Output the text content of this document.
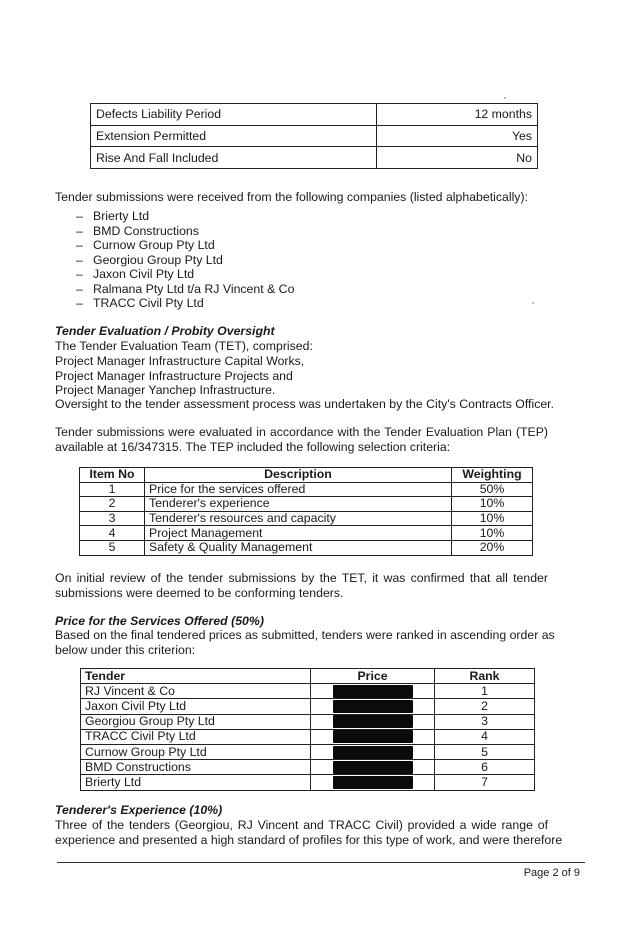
Defects Liability Period	12 months
Extension Permitted	Yes
Rise And Fall Included	No
Tender submissions were received from the following companies (listed alphabetically):
– Brierty Ltd
– BMD Constructions
– Curnow Group Pty Ltd
– Georgiou Group Pty Ltd
– Jaxon Civil Pty Ltd
– Ralmana Pty Ltd t/a RJ Vincent & Co
– TRACC Civil Pty Ltd
Tender Evaluation / Probity Oversight
The Tender Evaluation Team (TET), comprised:
Project Manager Infrastructure Capital Works,
Project Manager Infrastructure Projects and
Project Manager Yanchep Infrastructure.
Oversight to the tender assessment process was undertaken by the City's Contracts Officer.
Tender submissions were evaluated in accordance with the Tender Evaluation Plan (TEP)
available at 16/347315. The TEP included the following selection criteria:
Item No	Description	Weighting
1	Price for the services offered	50%
2	Tenderer's experience	10%
3	Tenderer's resources and capacity	10%
4	Project Management	10%
5	Safety & Quality Management	20%
On initial review of the tender submissions by the TET, it was confirmed that all tender
submissions were deemed to be conforming tenders.
Price for the Services Offered (50%)
Based on the final tendered prices as submitted, tenders were ranked in ascending order as
below under this criterion:
Tender	Price	Rank
RJ Vincent & Co		1
Jaxon Civil Pty Ltd		2
Georgiou Group Pty Ltd		3
TRACC Civil Pty Ltd		4
Curnow Group Pty Ltd		5
BMD Constructions		6
Brierty Ltd		7
Tenderer's Experience (10%)
Three of the tenders (Georgiou, RJ Vincent and TRACC Civil) provided a wide range of
experience and presented a high standard of profiles for this type of work, and were therefore
Page 2 of 9
